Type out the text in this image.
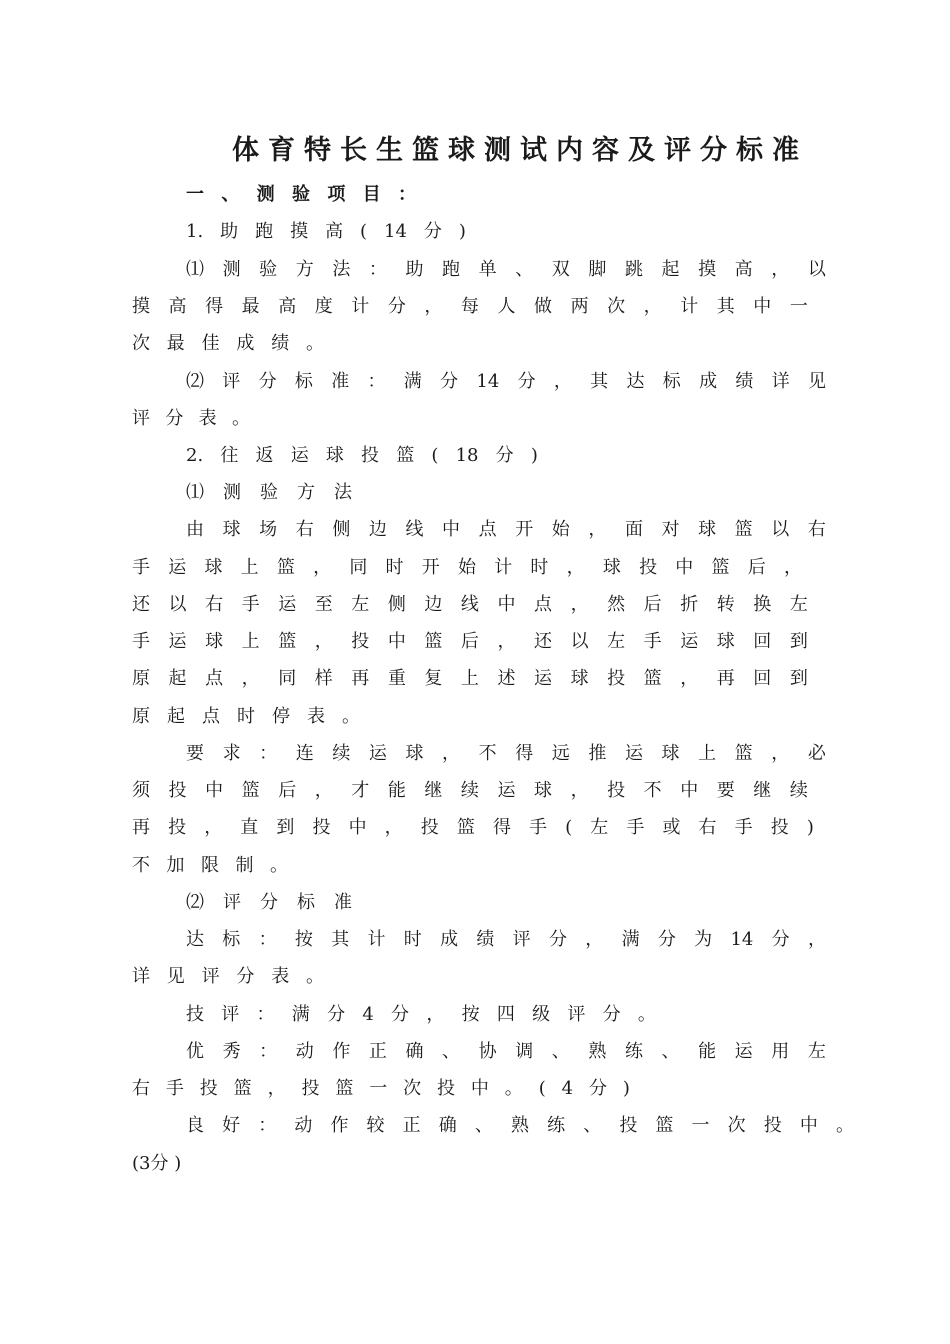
体育特长生篮球测试内容及评分标准
一 、 测 验 项 目 ：
1. 助 跑 摸 高 ( 14 分 )
⑴ 测 验 方 法 ： 助 跑 单 、 双 脚 跳 起 摸 高 ， 以
摸 高 得 最 高 度 计 分 ， 每 人 做 两 次 ， 计 其 中 一
次 最 佳 成 绩 。
⑵ 评 分 标 准 ： 满 分 14 分 ， 其 达 标 成 绩 详 见
评 分 表 。
2. 往 返 运 球 投 篮 ( 18 分 )
⑴ 测 验 方 法
由 球 场 右 侧 边 线 中 点 开 始 ， 面 对 球 篮 以 右
手 运 球 上 篮 ， 同 时 开 始 计 时 ， 球 投 中 篮 后 ，
还 以 右 手 运 至 左 侧 边 线 中 点 ， 然 后 折 转 换 左
手 运 球 上 篮 ， 投 中 篮 后 ， 还 以 左 手 运 球 回 到
原 起 点 ， 同 样 再 重 复 上 述 运 球 投 篮 ， 再 回 到
原 起 点 时 停 表 。
要 求 ： 连 续 运 球 ， 不 得 远 推 运 球 上 篮 ， 必
须 投 中 篮 后 ， 才 能 继 续 运 球 ， 投 不 中 要 继 续
再 投 ， 直 到 投 中 ， 投 篮 得 手 ( 左 手 或 右 手 投 )
不 加 限 制 。
⑵ 评 分 标 准
达 标 ： 按 其 计 时 成 绩 评 分 ， 满 分 为 14 分 ，
详 见 评 分 表 。
技 评 ： 满 分 4 分 ， 按 四 级 评 分 。
优 秀 ： 动 作 正 确 、 协 调 、 熟 练 、 能 运 用 左
右 手 投 篮 ， 投 篮 一 次 投 中 。 ( 4 分 )
良 好 ： 动 作 较 正 确 、 熟 练 、 投 篮 一 次 投 中 。
(3分 )
